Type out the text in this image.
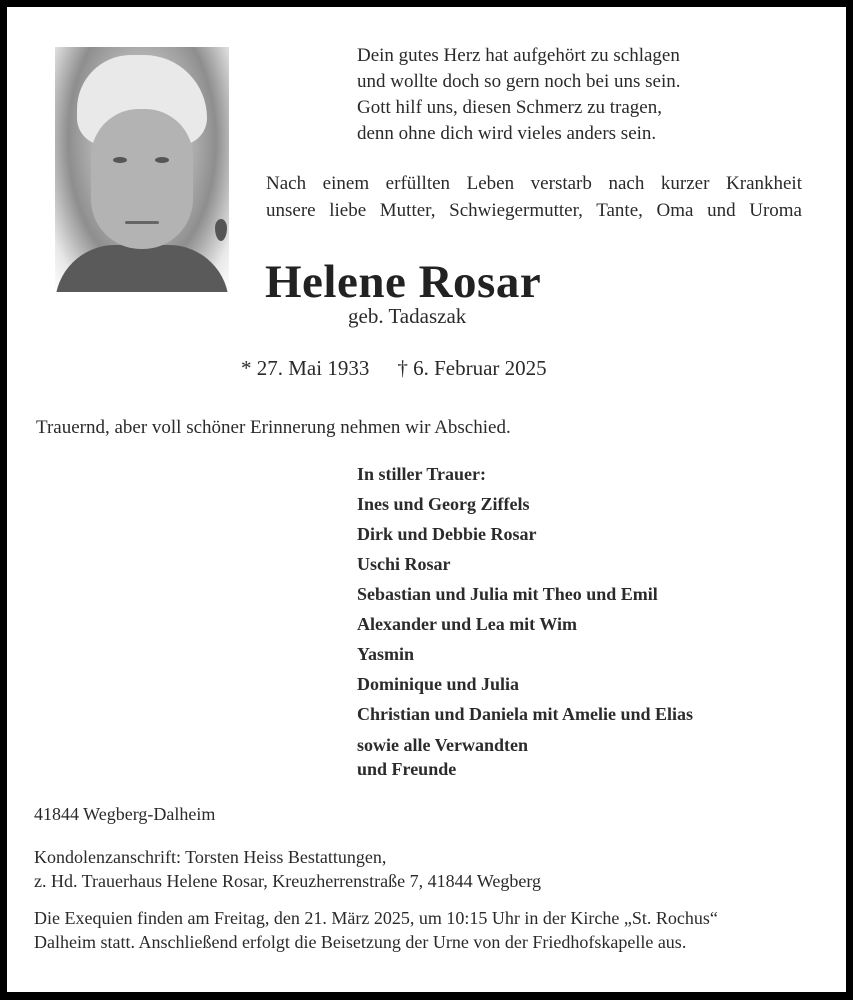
Dein gutes Herz hat aufgehört zu schlagen
und wollte doch so gern noch bei uns sein.
Gott hilf uns, diesen Schmerz zu tragen,
denn ohne dich wird vieles anders sein.
Nach einem erfüllten Leben verstarb nach kurzer Krankheit
unsere liebe Mutter, Schwiegermutter, Tante, Oma und Uroma
Helene Rosar
geb. Tadaszak
* 27. Mai 1933 † 6. Februar 2025
Trauernd, aber voll schöner Erinnerung nehmen wir Abschied.
In stiller Trauer:
Ines und Georg Ziffels
Dirk und Debbie Rosar
Uschi Rosar
Sebastian und Julia mit Theo und Emil
Alexander und Lea mit Wim
Yasmin
Dominique und Julia
Christian und Daniela mit Amelie und Elias
sowie alle Verwandten
und Freunde
41844 Wegberg-Dalheim
Kondolenzanschrift: Torsten Heiss Bestattungen,
z. Hd. Trauerhaus Helene Rosar, Kreuzherrenstraße 7, 41844 Wegberg
Die Exequien finden am Freitag, den 21. März 2025, um 10:15 Uhr in der Kirche „St. Rochus“
Dalheim statt. Anschließend erfolgt die Beisetzung der Urne von der Friedhofskapelle aus.
